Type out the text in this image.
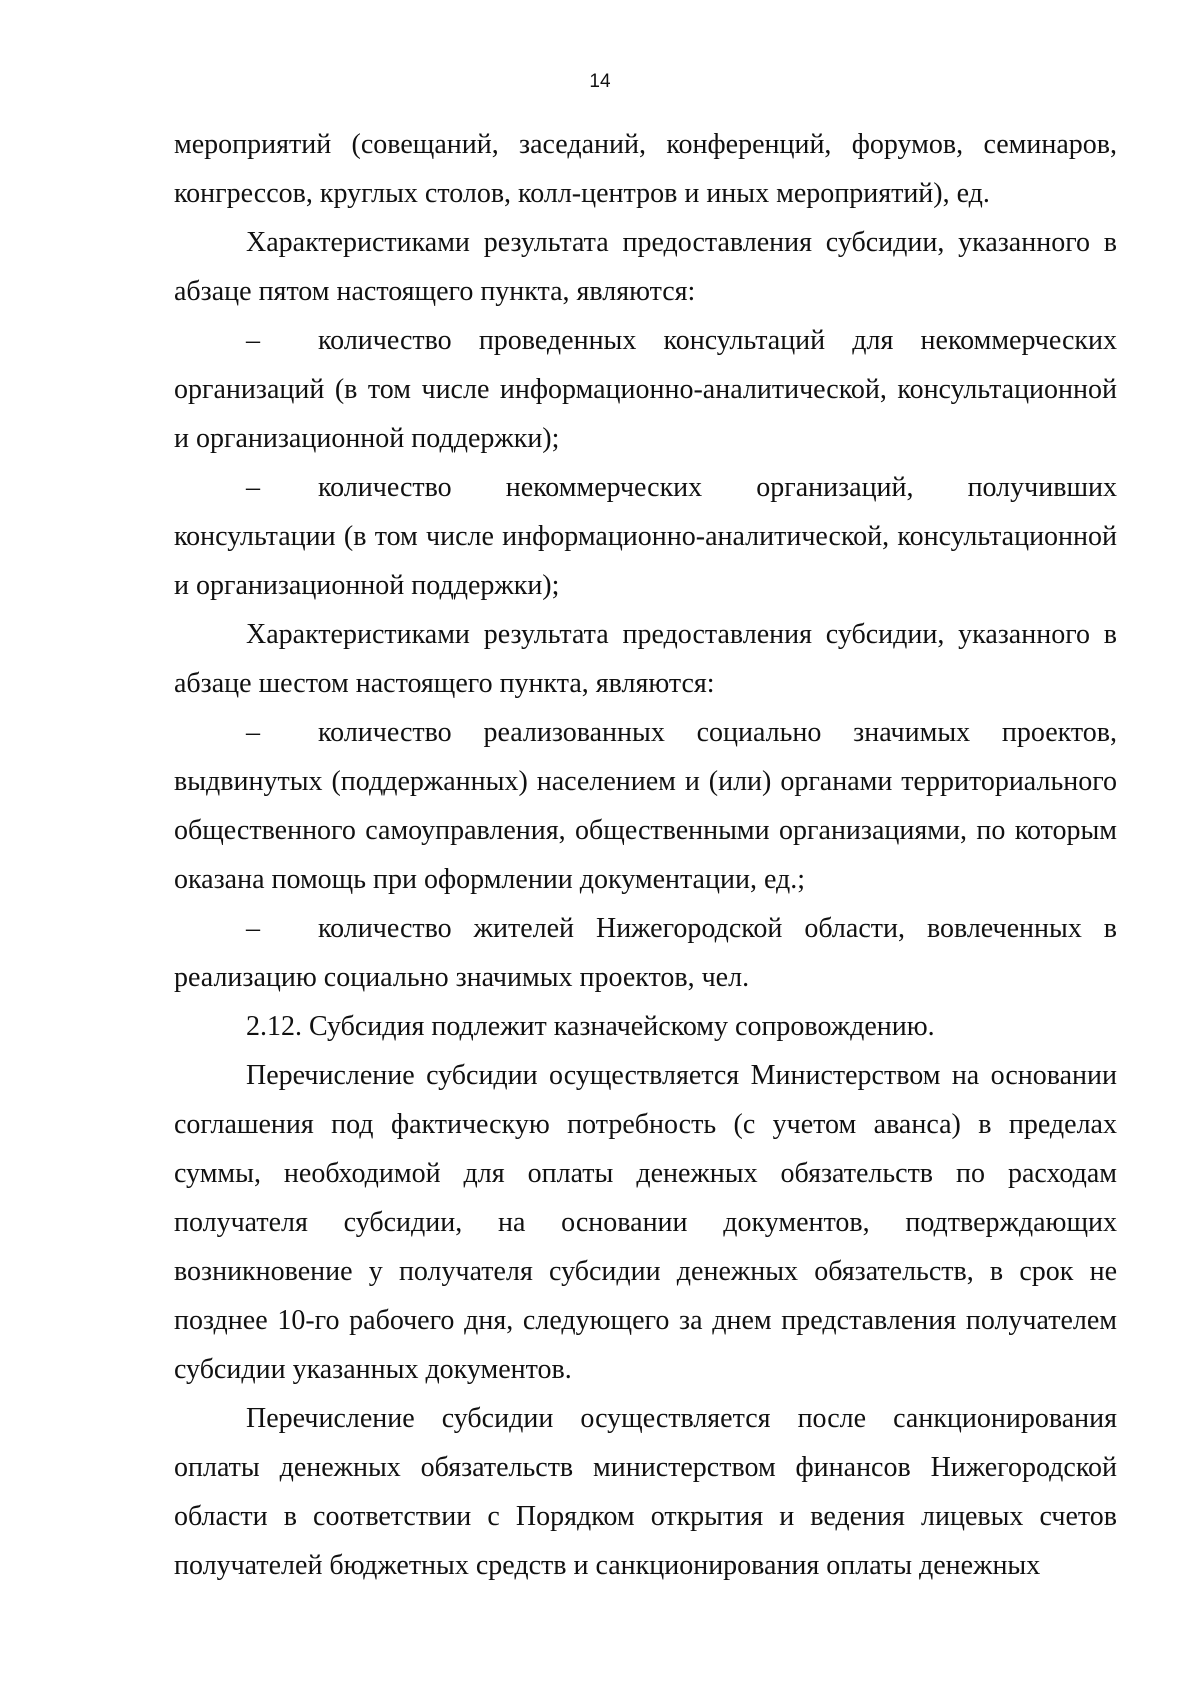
14

мероприятий (совещаний, заседаний, конференций, форумов, семинаров, конгрессов, круглых столов, колл-центров и иных мероприятий), ед.

Характеристиками результата предоставления субсидии, указанного в абзаце пятом настоящего пункта, являются:

– количество проведенных консультаций для некоммерческих организаций (в том числе информационно-аналитической, консультационной и организационной поддержки);

– количество некоммерческих организаций, получивших консультации (в том числе информационно-аналитической, консультационной и организационной поддержки);

Характеристиками результата предоставления субсидии, указанного в абзаце шестом настоящего пункта, являются:

– количество реализованных социально значимых проектов, выдвинутых (поддержанных) населением и (или) органами территориального общественного самоуправления, общественными организациями, по которым оказана помощь при оформлении документации, ед.;

– количество жителей Нижегородской области, вовлеченных в реализацию социально значимых проектов, чел.

2.12. Субсидия подлежит казначейскому сопровождению.

Перечисление субсидии осуществляется Министерством на основании соглашения под фактическую потребность (с учетом аванса) в пределах суммы, необходимой для оплаты денежных обязательств по расходам получателя субсидии, на основании документов, подтверждающих возникновение у получателя субсидии денежных обязательств, в срок не позднее 10-го рабочего дня, следующего за днем представления получателем субсидии указанных документов.

Перечисление субсидии осуществляется после санкционирования оплаты денежных обязательств министерством финансов Нижегородской области в соответствии с Порядком открытия и ведения лицевых счетов получателей бюджетных средств и санкционирования оплаты денежных
